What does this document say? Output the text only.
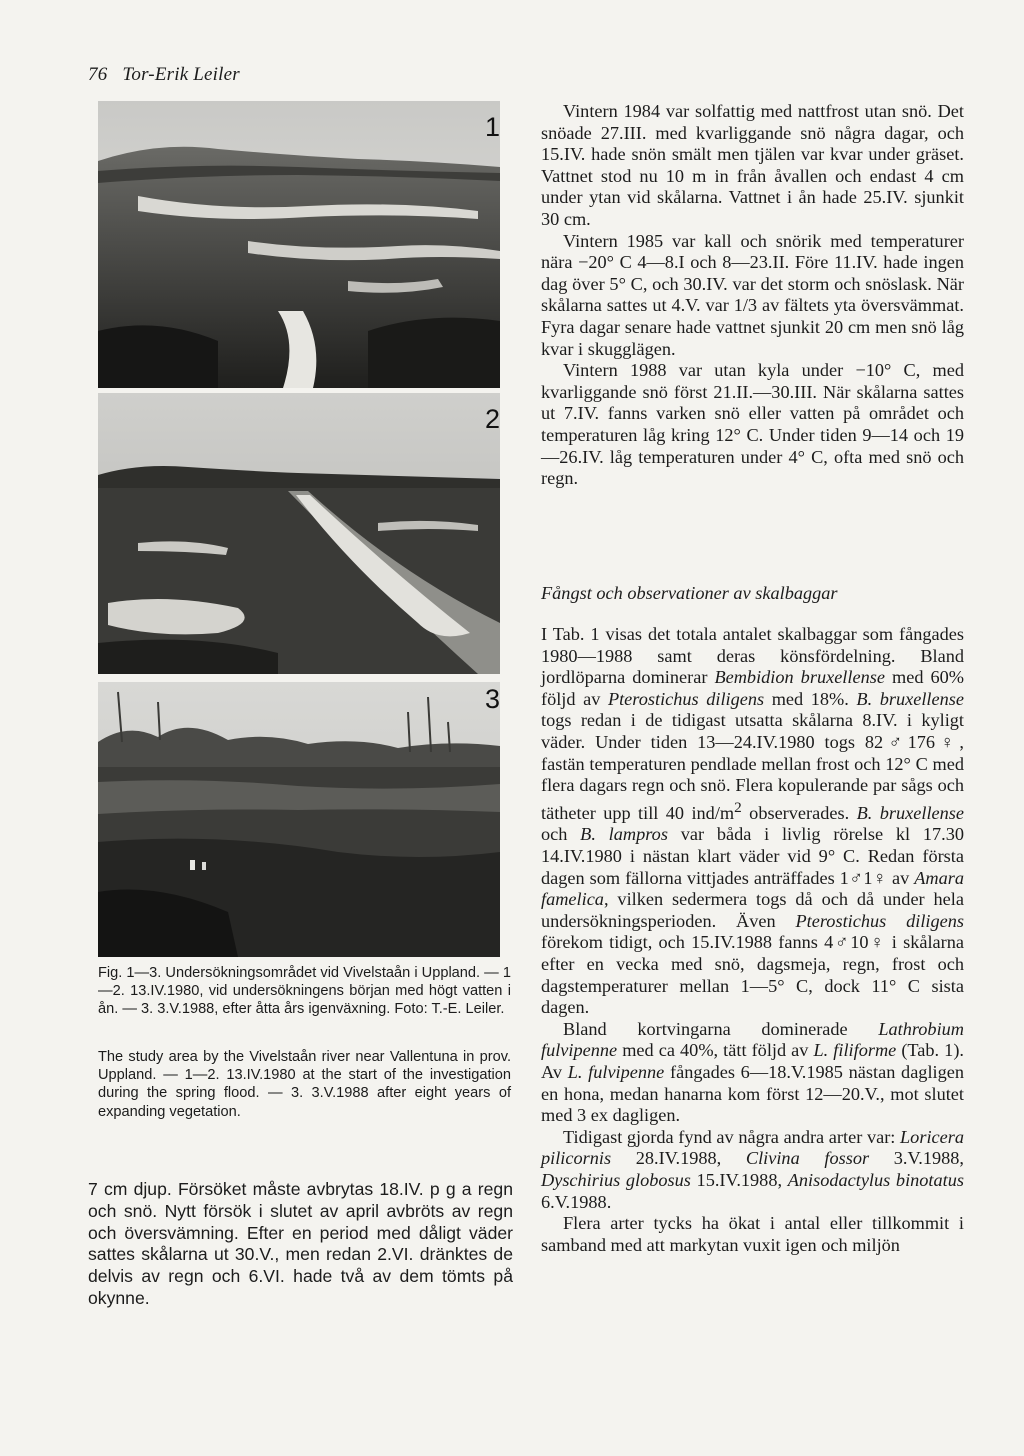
76 Tor-Erik Leiler
1
2
3
Fig. 1—3. Undersökningsområdet vid Vivelstaån i Uppland. — 1—2. 13.IV.1980, vid undersökningens början med högt vatten i ån. — 3. 3.V.1988, efter åtta års igenväxning. Foto: T.-E. Leiler.
The study area by the Vivelstaån river near Vallentuna in prov. Uppland. — 1—2. 13.IV.1980 at the start of the investigation during the spring flood. — 3. 3.V.1988 after eight years of expanding vegetation.

7 cm djup. Försöket måste avbrytas 18.IV. p g a regn och snö. Nytt försök i slutet av april avbröts av regn och översvämning. Efter en period med dåligt väder sattes skålarna ut 30.V., men redan 2.VI. dränktes de delvis av regn och 6.VI. hade två av dem tömts på okynne.

Vintern 1984 var solfattig med nattfrost utan snö. Det snöade 27.III. med kvarliggande snö några dagar, och 15.IV. hade snön smält men tjälen var kvar under gräset. Vattnet stod nu 10 m in från åvallen och endast 4 cm under ytan vid skålarna. Vattnet i ån hade 25.IV. sjunkit 30 cm.

Vintern 1985 var kall och snörik med temperaturer nära −20° C 4—8.I och 8—23.II. Före 11.IV. hade ingen dag över 5° C, och 30.IV. var det storm och snöslask. När skålarna sattes ut 4.V. var 1/3 av fältets yta översvämmat. Fyra dagar senare hade vattnet sjunkit 20 cm men snö låg kvar i skugglägen.

Vintern 1988 var utan kyla under −10° C, med kvarliggande snö först 21.II.—30.III. När skålarna sattes ut 7.IV. fanns varken snö eller vatten på området och temperaturen låg kring 12° C. Under tiden 9—14 och 19—26.IV. låg temperaturen under 4° C, ofta med snö och regn.

Fångst och observationer av skalbaggar

I Tab. 1 visas det totala antalet skalbaggar som fångades 1980—1988 samt deras könsfördelning. Bland jordlöparna dominerar Bembidion bruxellense med 60% följd av Pterostichus diligens med 18%. B. bruxellense togs redan i de tidigast utsatta skålarna 8.IV. i kyligt väder. Under tiden 13—24.IV.1980 togs 82♂176♀, fastän temperaturen pendlade mellan frost och 12° C med flera dagars regn och snö. Flera kopulerande par sågs och tätheter upp till 40 ind/$m^2$ observerades. B. bruxellense och B. lampros var båda i livlig rörelse kl 17.30 14.IV.1980 i nästan klart väder vid 9° C. Redan första dagen som fällorna vittjades anträffades 1♂1♀ av Amara famelica, vilken sedermera togs då och då under hela undersökningsperioden. Även Pterostichus diligens förekom tidigt, och 15.IV.1988 fanns 4♂10♀ i skålarna efter en vecka med snö, dagsmeja, regn, frost och dagstemperaturer mellan 1—5° C, dock 11° C sista dagen.

Bland kortvingarna dominerade Lathrobium fulvipenne med ca 40%, tätt följd av L. filiforme (Tab. 1). Av L. fulvipenne fångades 6—18.V.1985 nästan dagligen en hona, medan hanarna kom först 12—20.V., mot slutet med 3 ex dagligen.

Tidigast gjorda fynd av några andra arter var: Loricera pilicornis 28.IV.1988, Clivina fossor 3.V.1988, Dyschirius globosus 15.IV.1988, Anisodactylus binotatus 6.V.1988.

Flera arter tycks ha ökat i antal eller tillkommit i samband med att markytan vuxit igen och miljön
